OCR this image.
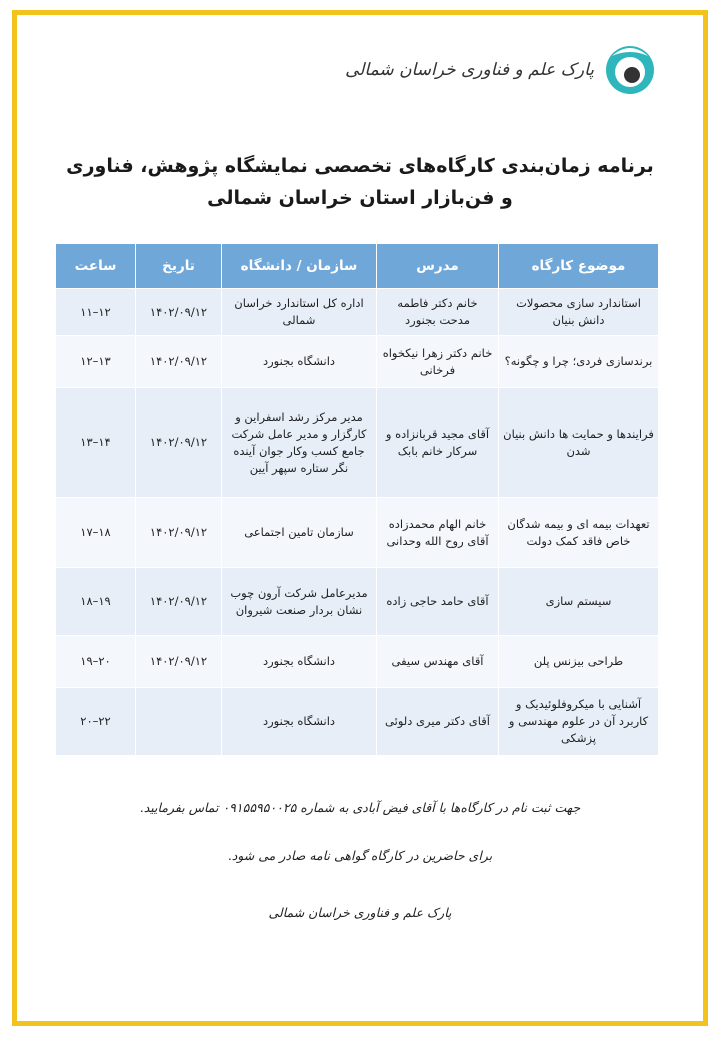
پارک علم و فناوری خراسان شمالی
برنامه زمان‌بندی کارگاه‌های تخصصی نمایشگاه پژوهش، فناوری
و فن‌بازار استان خراسان شمالی
موضوع کارگاه	مدرس	سازمان / دانشگاه	تاریخ	ساعت
استاندارد سازی محصولات دانش بنیان	خانم دکتر فاطمه مدحت بجنورد	اداره کل استاندارد خراسان شمالی	۱۴۰۲/۰۹/۱۲	۱۲–۱۱
برندسازی فردی؛ چرا و چگونه؟	خانم دکتر زهرا نیکخواه فرخانی	دانشگاه بجنورد	۱۴۰۲/۰۹/۱۲	۱۳–۱۲
فرایندها و حمایت ها دانش بنیان شدن	آقای مجید قربانزاده و سرکار خانم بابک	مدیر مرکز رشد اسفراین و کارگزار و مدیر عامل شرکت جامع کسب وکار جوان آینده نگر ستاره سپهر آیین	۱۴۰۲/۰۹/۱۲	۱۴–۱۳
تعهدات بیمه ای و بیمه شدگان خاص فاقد کمک دولت	خانم الهام محمدزاده آقای روح الله وحدانی	سازمان تامین اجتماعی	۱۴۰۲/۰۹/۱۲	۱۸–۱۷
سیستم سازی	آقای حامد حاجی زاده	مدیرعامل شرکت آرون چوب نشان بردار صنعت شیروان	۱۴۰۲/۰۹/۱۲	۱۹–۱۸
طراحی بیزنس پلن	آقای مهندس سیفی	دانشگاه بجنورد	۱۴۰۲/۰۹/۱۲	۲۰–۱۹
آشنایی با میکروفلوئیدیک و کاربرد آن در علوم مهندسی و پزشکی	آقای دکتر میری دلوئی	دانشگاه بجنورد		۲۲–۲۰
جهت ثبت نام در کارگاه‌ها با آقای فیض آبادی به شماره ۰۹۱۵۵۹۵۰۰۲۵ تماس بفرمایید.
برای حاضرین در کارگاه گواهی نامه صادر می شود.
پارک علم و فناوری خراسان شمالی
